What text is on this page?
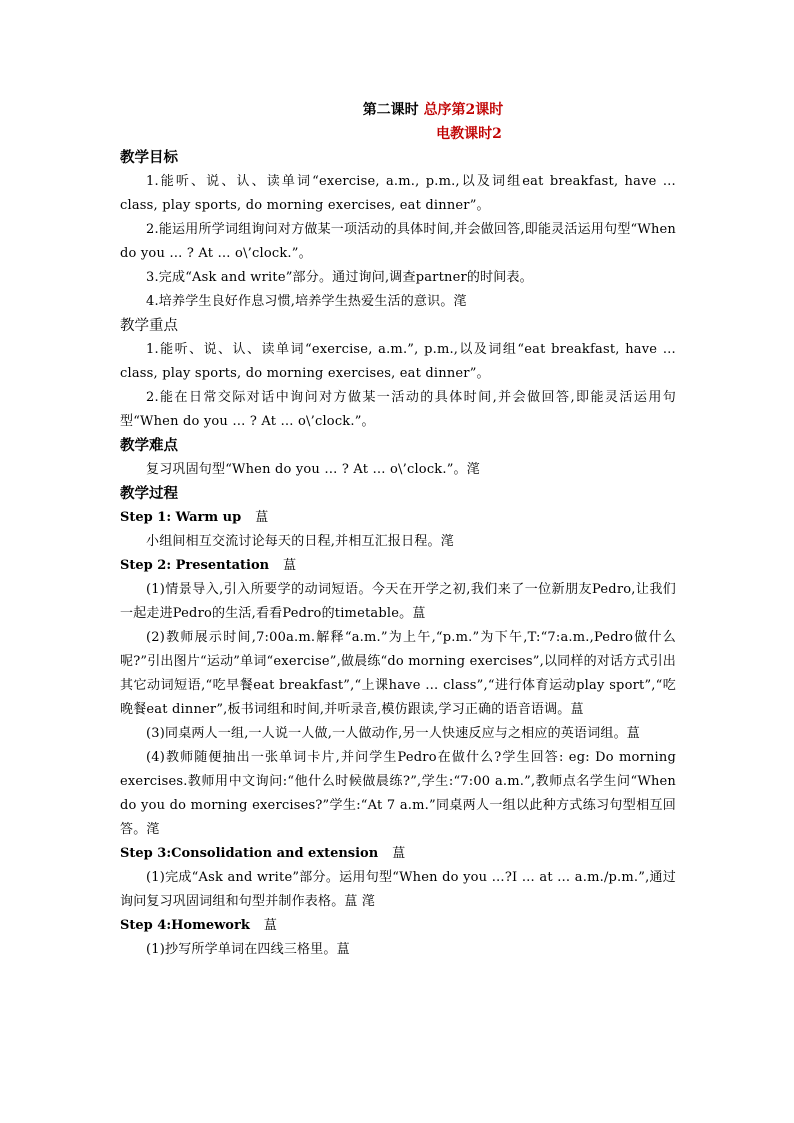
第二课时 总序第2课时
电教课时2
教学目标
1.能听、说、认、读单词“exercise, a.m., p.m.,以及词组eat breakfast, have … class, play sports, do morning exercises, eat dinner”。
2.能运用所学词组询问对方做某一项活动的具体时间,并会做回答,即能灵活运用句型“When do you … ? At … o\’clock.”。
3.完成“Ask and write”部分。通过询问,调查partner的时间表。
4.培养学生良好作息习惯,培养学生热爱生活的意识。滗
教学重点
1.能听、说、认、读单词“exercise, a.m.”, p.m.,以及词组“eat breakfast, have … class, play sports, do morning exercises, eat dinner”。
2.能在日常交际对话中询问对方做某一活动的具体时间,并会做回答,即能灵活运用句型“When do you … ? At … o\’clock.”。
教学难点
复习巩固句型“When do you … ? At … o\’clock.”。滗
教学过程
Step 1: Warm up 蒀
小组间相互交流讨论每天的日程,并相互汇报日程。滗
Step 2: Presentation 蒀
(1)情景导入,引入所要学的动词短语。今天在开学之初,我们来了一位新朋友Pedro,让我们一起走进Pedro的生活,看看Pedro的timetable。蒀
(2)教师展示时间,7:00a.m.解释“a.m.”为上午,“p.m.”为下午,T:“7:a.m.,Pedro做什么呢?”引出图片“运动”单词“exercise”,做晨练“do morning exercises”,以同样的对话方式引出其它动词短语,“吃早餐eat breakfast”,“上课have … class”,“进行体育运动play sport”,“吃晚餐eat dinner”,板书词组和时间,并听录音,模仿跟读,学习正确的语音语调。蒀
(3)同桌两人一组,一人说一人做,一人做动作,另一人快速反应与之相应的英语词组。蒀
(4)教师随便抽出一张单词卡片,并问学生Pedro在做什么?学生回答: eg: Do morning exercises.教师用中文询问:“他什么时候做晨练?”,学生:“7:00 a.m.”,教师点名学生问“When do you do morning exercises?”学生:“At 7 a.m.”同桌两人一组以此种方式练习句型相互回答。滗
Step 3:Consolidation and extension 蒀
(1)完成“Ask and write”部分。运用句型“When do you …?I … at … a.m./p.m.”,通过询问复习巩固词组和句型并制作表格。蒀 滗
Step 4:Homework 蒀
(1)抄写所学单词在四线三格里。蒀
